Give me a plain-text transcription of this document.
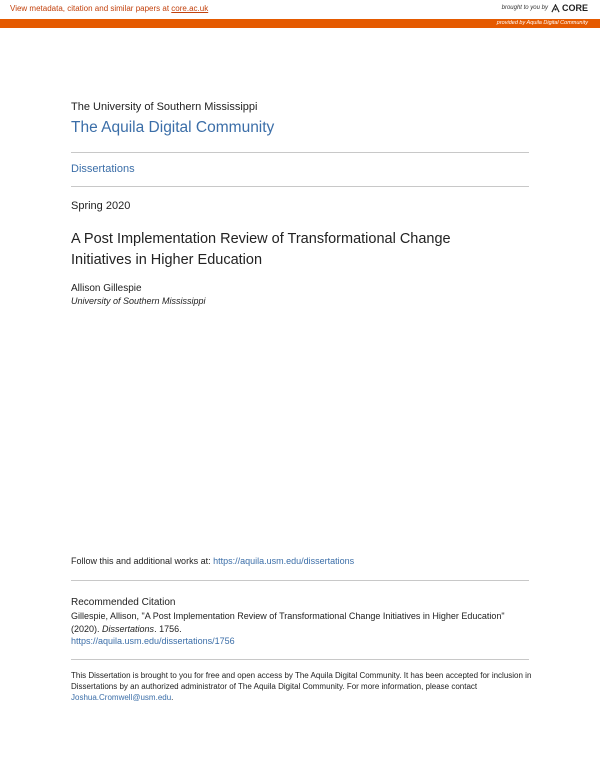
View metadata, citation and similar papers at core.ac.uk	brought to you by CORE
provided by Aquila Digital Community
The University of Southern Mississippi
The Aquila Digital Community
Dissertations
Spring 2020
A Post Implementation Review of Transformational Change Initiatives in Higher Education
Allison Gillespie
University of Southern Mississippi
Follow this and additional works at: https://aquila.usm.edu/dissertations
Recommended Citation
Gillespie, Allison, "A Post Implementation Review of Transformational Change Initiatives in Higher Education" (2020). Dissertations. 1756.
https://aquila.usm.edu/dissertations/1756
This Dissertation is brought to you for free and open access by The Aquila Digital Community. It has been accepted for inclusion in Dissertations by an authorized administrator of The Aquila Digital Community. For more information, please contact Joshua.Cromwell@usm.edu.
